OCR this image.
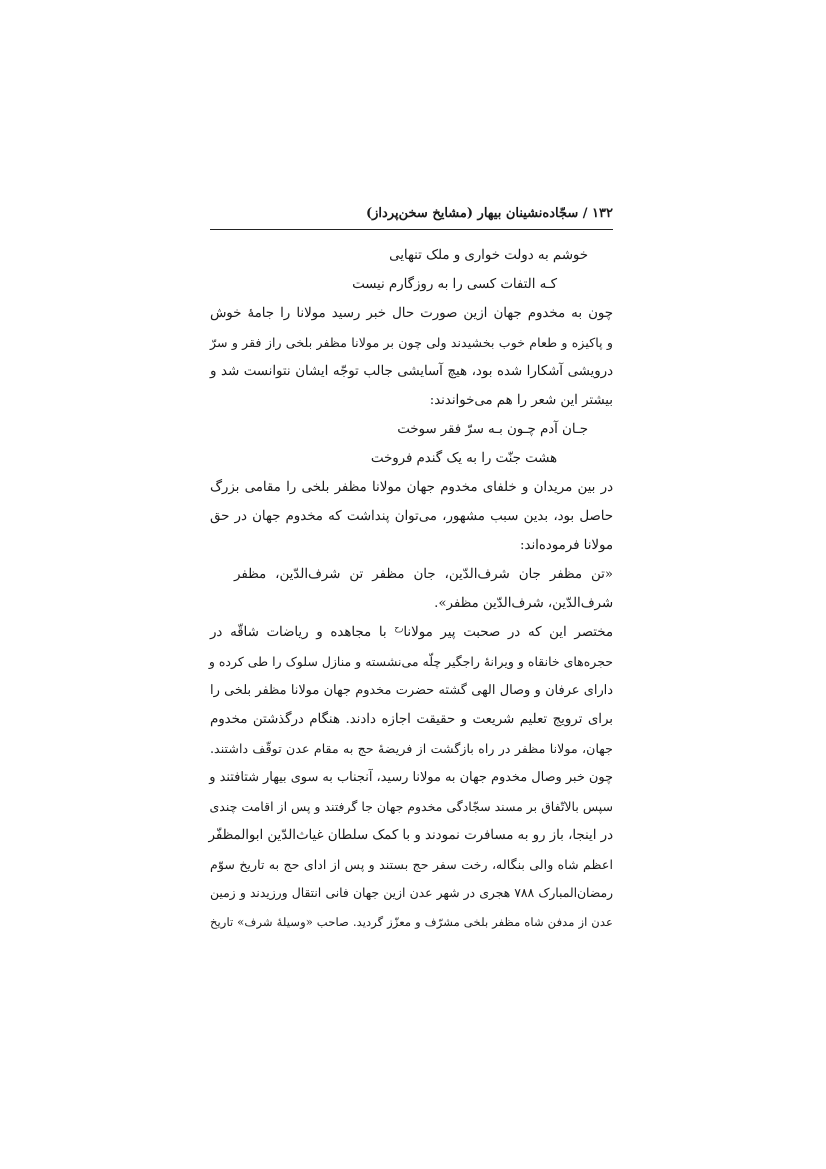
۱۳۲ / سجّاده‌نشینان بیهار (مشایخ سخن‌پرداز)
خوشم به دولت خواری و ملک تنهایی
کـه التفات کسی را به روزگارم نیست
چون به مخدوم جهان ازین صورت حال خبر رسید مولانا را جامهٔ خوش
و پاکیزه و طعام خوب بخشیدند ولی چون بر مولانا مظفر بلخی راز فقر و سرّ
درویشی آشکارا شده بود، هیچ آسایشی جالب توجّه ایشان نتوانست شد و
بیشتر این شعر را هم می‌خواندند:
جـان آدم چـون بـه سرّ فقر سوخت
هشت جنّت را به یک گندم فروخت
در بین مریدان و خلفای مخدوم جهان مولانا مظفر بلخی را مقامی بزرگ
حاصل بود، بدین سبب مشهور، می‌توان پنداشت که مخدوم جهان در حق
مولانا فرموده‌اند:
«تن مظفر جان شرف‌الدّین، جان مظفر تن شرف‌الدّین، مظفر
شرف‌الدّین، شرف‌الدّین مظفر».
مختصر این که در صحبت پیر مولانا$^{رح}$ با مجاهده و ریاضات شاقّه در
حجره‌های خانقاه و ویرانهٔ راجگیر چلّه می‌نشسته و منازل سلوک را طی کرده و
دارای عرفان و وصال الهی گشته حضرت مخدوم جهان مولانا مظفر بلخی را
برای ترویج تعلیم شریعت و حقیقت اجازه دادند. هنگام درگذشتن مخدوم
جهان، مولانا مظفر در راه بازگشت از فریضهٔ حج به مقام عدن توقّف داشتند.
چون خبر وصال مخدوم جهان به مولانا رسید، آنجناب به سوی بیهار شتافتند و
سپس بالاتّفاق بر مسند سجّادگی مخدوم جهان جا گرفتند و پس از اقامت چندی
در اینجا، باز رو به مسافرت نمودند و با کمک سلطان غیاث‌الدّین ابوالمظفّر
اعظم شاه والی بنگاله، رخت سفر حج بستند و پس از ادای حج به تاریخ سوّم
رمضان‌المبارک ۷۸۸ هجری در شهر عدن ازین جهان فانی انتقال ورزیدند و زمین
عدن از مدفن شاه مظفر بلخی مشرّف و معزّز گردید. صاحب «وسیلهٔ شرف» تاریخ
